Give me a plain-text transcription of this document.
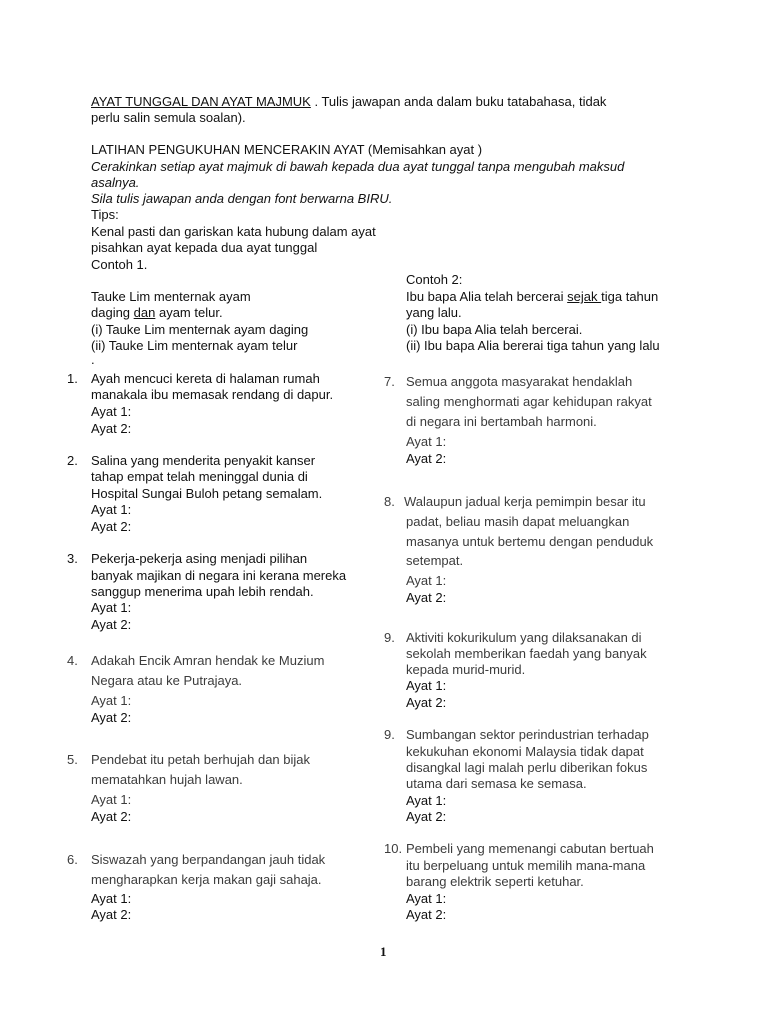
AYAT TUNGGAL DAN AYAT MAJMUK . Tulis jawapan anda dalam buku tatabahasa, tidak
perlu salin semula soalan).
LATIHAN PENGUKUHAN MENCERAKIN AYAT (Memisahkan ayat )
Cerakinkan setiap ayat majmuk di bawah kepada dua ayat tunggal tanpa mengubah maksud
asalnya.
Sila tulis jawapan anda dengan font berwarna BIRU.
Tips:
Kenal pasti dan gariskan kata hubung dalam ayat
pisahkan ayat kepada dua ayat tunggal
Contoh 1.
Tauke Lim menternak ayam
daging dan ayam telur.
(i) Tauke Lim menternak ayam daging
(ii) Tauke Lim menternak ayam telur
.
Contoh 2:
Ibu bapa Alia telah bercerai sejak tiga tahun
yang lalu.
(i) Ibu bapa Alia telah bercerai.
(ii) Ibu bapa Alia bererai tiga tahun yang lalu
1. Ayah mencuci kereta di halaman rumah
manakala ibu memasak rendang di dapur.
Ayat 1:
Ayat 2:
2. Salina yang menderita penyakit kanser
tahap empat telah meninggal dunia di
Hospital Sungai Buloh petang semalam.
Ayat 1:
Ayat 2:
3. Pekerja-pekerja asing menjadi pilihan
banyak majikan di negara ini kerana mereka
sanggup menerima upah lebih rendah.
Ayat 1:
Ayat 2:
4. Adakah Encik Amran hendak ke Muzium
Negara atau ke Putrajaya.
Ayat 1:
Ayat 2:
5. Pendebat itu petah berhujah dan bijak
mematahkan hujah lawan.
Ayat 1:
Ayat 2:
6. Siswazah yang berpandangan jauh tidak
mengharapkan kerja makan gaji sahaja.
Ayat 1:
Ayat 2:
7. Semua anggota masyarakat hendaklah
saling menghormati agar kehidupan rakyat
di negara ini bertambah harmoni.
Ayat 1:
Ayat 2:
8. Walaupun jadual kerja pemimpin besar itu
padat, beliau masih dapat meluangkan
masanya untuk bertemu dengan penduduk
setempat.
Ayat 1:
Ayat 2:
9. Aktiviti kokurikulum yang dilaksanakan di
sekolah memberikan faedah yang banyak
kepada murid-murid.
Ayat 1:
Ayat 2:
9. Sumbangan sektor perindustrian terhadap
kekukuhan ekonomi Malaysia tidak dapat
disangkal lagi malah perlu diberikan fokus
utama dari semasa ke semasa.
Ayat 1:
Ayat 2:
10. Pembeli yang memenangi cabutan bertuah
itu berpeluang untuk memilih mana-mana
barang elektrik seperti ketuhar.
Ayat 1:
Ayat 2:
1
